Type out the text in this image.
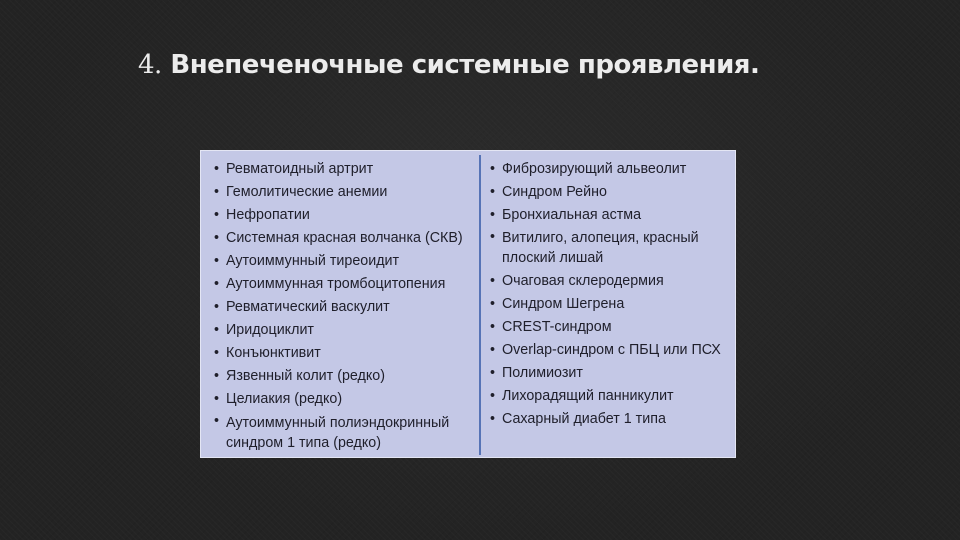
4. Внепеченочные системные проявления.
• Ревматоидный артрит
• Гемолитические анемии
• Нефропатии
• Системная красная волчанка (СКВ)
• Аутоиммунный тиреоидит
• Аутоиммунная тромбоцитопения
• Ревматический васкулит
• Иридоциклит
• Конъюнктивит
• Язвенный колит (редко)
• Целиакия (редко)
• Аутоиммунный полиэндокринный
синдром 1 типа (редко)
• Фиброзирующий альвеолит
• Синдром Рейно
• Бронхиальная астма
• Витилиго, алопеция, красный
плоский лишай
• Очаговая склеродермия
• Синдром Шегрена
• CREST-синдром
• Overlap-синдром с ПБЦ или ПСХ
• Полимиозит
• Лихорадящий панникулит
• Сахарный диабет 1 типа
